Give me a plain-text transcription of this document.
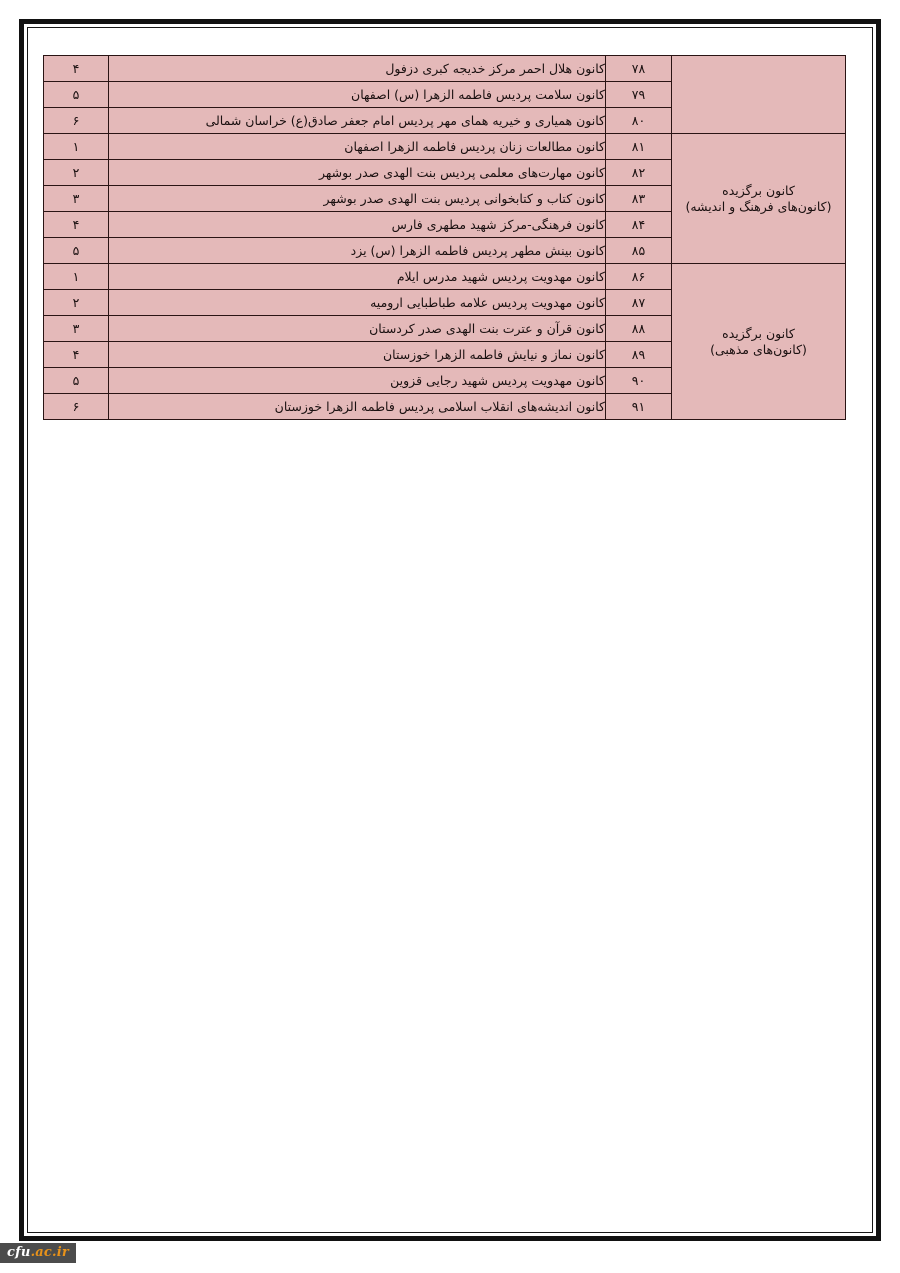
	۷۸	کانون هلال احمر مرکز خدیجه کبری دزفول	۴
	۷۹	کانون سلامت پردیس فاطمه الزهرا (س) اصفهان	۵
	۸۰	کانون همیاری و خیریه همای مهر پردیس امام جعفر صادق(ع) خراسان شمالی	۶
کانون برگزیده
(کانون‌های فرهنگ و اندیشه)	۸۱	کانون مطالعات زنان پردیس فاطمه الزهرا اصفهان	۱
	۸۲	کانون مهارت‌های معلمی پردیس بنت الهدی صدر بوشهر	۲
	۸۳	کانون کتاب و کتابخوانی پردیس بنت الهدی صدر بوشهر	۳
	۸۴	کانون فرهنگی-مرکز شهید مطهری فارس	۴
	۸۵	کانون بینش مطهر پردیس فاطمه الزهرا (س) یزد	۵
کانون برگزیده
(کانون‌های مذهبی)	۸۶	کانون مهدویت پردیس شهید مدرس ایلام	۱
	۸۷	کانون مهدویت پردیس علامه طباطبایی ارومیه	۲
	۸۸	کانون قرآن و عترت بنت الهدی صدر کردستان	۳
	۸۹	کانون نماز و نیایش فاطمه الزهرا خوزستان	۴
	۹۰	کانون مهدویت پردیس شهید رجایی قزوین	۵
	۹۱	کانون اندیشه‌های انقلاب اسلامی پردیس فاطمه الزهرا خوزستان	۶
cfu.ac.ir
